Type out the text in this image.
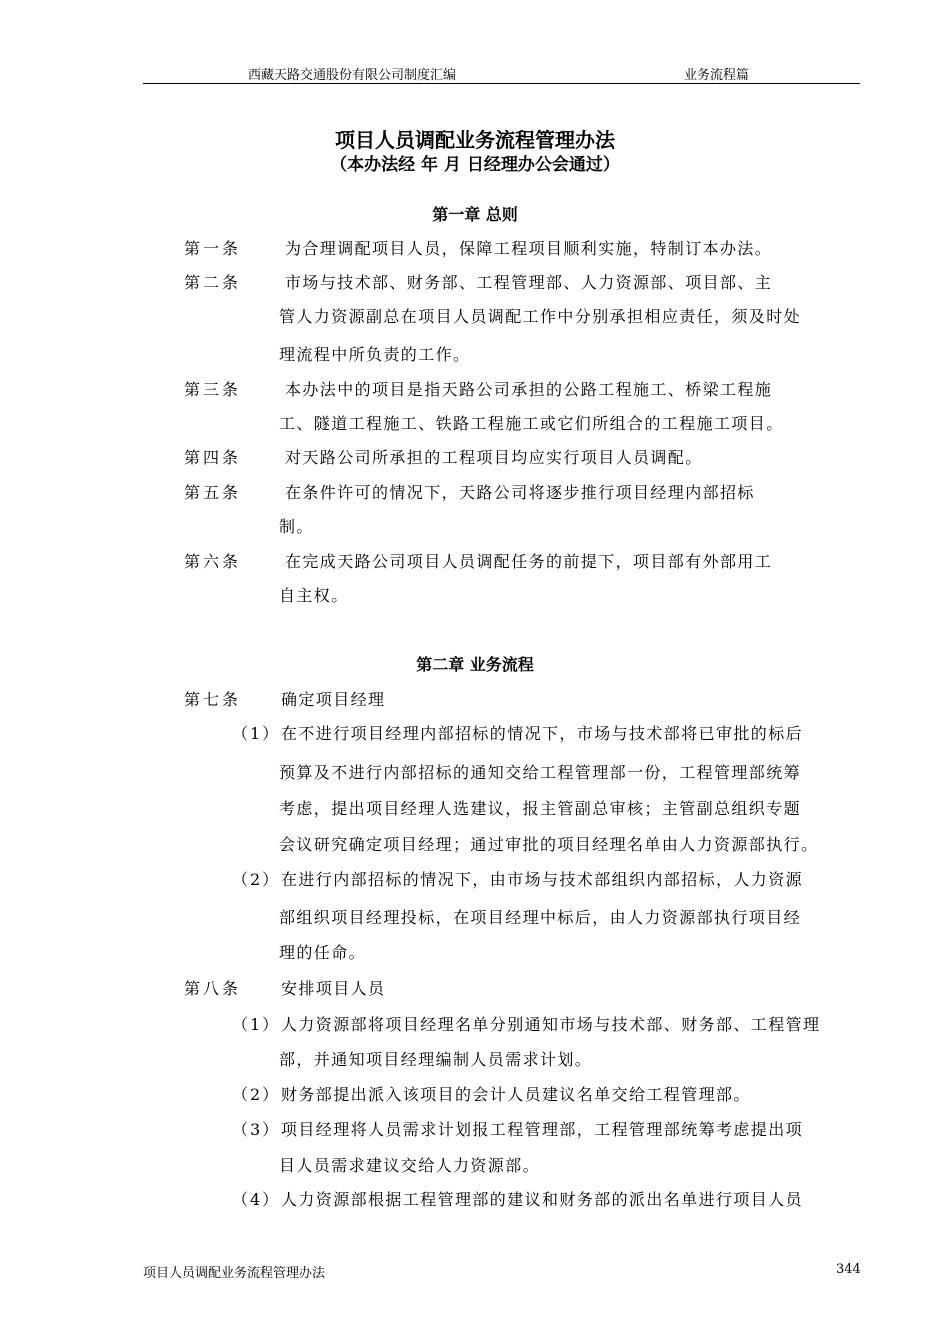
西藏天路交通股份有限公司制度汇编	业务流程篇
项目人员调配业务流程管理办法
（本办法经 年 月 日经理办公会通过）
第一章 总则
第一条	为合理调配项目人员，保障工程项目顺利实施，特制订本办法。
第二条	市场与技术部、财务部、工程管理部、人力资源部、项目部、主
管人力资源副总在项目人员调配工作中分别承担相应责任，须及时处
理流程中所负责的工作。
第三条	本办法中的项目是指天路公司承担的公路工程施工、桥梁工程施
工、隧道工程施工、铁路工程施工或它们所组合的工程施工项目。
第四条	对天路公司所承担的工程项目均应实行项目人员调配。
第五条	在条件许可的情况下，天路公司将逐步推行项目经理内部招标
制。
第六条	在完成天路公司项目人员调配任务的前提下，项目部有外部用工
自主权。
第二章 业务流程
第七条 确定项目经理
（1） 在不进行项目经理内部招标的情况下，市场与技术部将已审批的标后
预算及不进行内部招标的通知交给工程管理部一份，工程管理部统筹
考虑，提出项目经理人选建议，报主管副总审核；主管副总组织专题
会议研究确定项目经理；通过审批的项目经理名单由人力资源部执行。
（2） 在进行内部招标的情况下，由市场与技术部组织内部招标，人力资源
部组织项目经理投标，在项目经理中标后，由人力资源部执行项目经
理的任命。
第八条 安排项目人员
（1） 人力资源部将项目经理名单分别通知市场与技术部、财务部、工程管理
部，并通知项目经理编制人员需求计划。
（2） 财务部提出派入该项目的会计人员建议名单交给工程管理部。
（3） 项目经理将人员需求计划报工程管理部，工程管理部统筹考虑提出项
目人员需求建议交给人力资源部。
（4） 人力资源部根据工程管理部的建议和财务部的派出名单进行项目人员
项目人员调配业务流程管理办法	344
